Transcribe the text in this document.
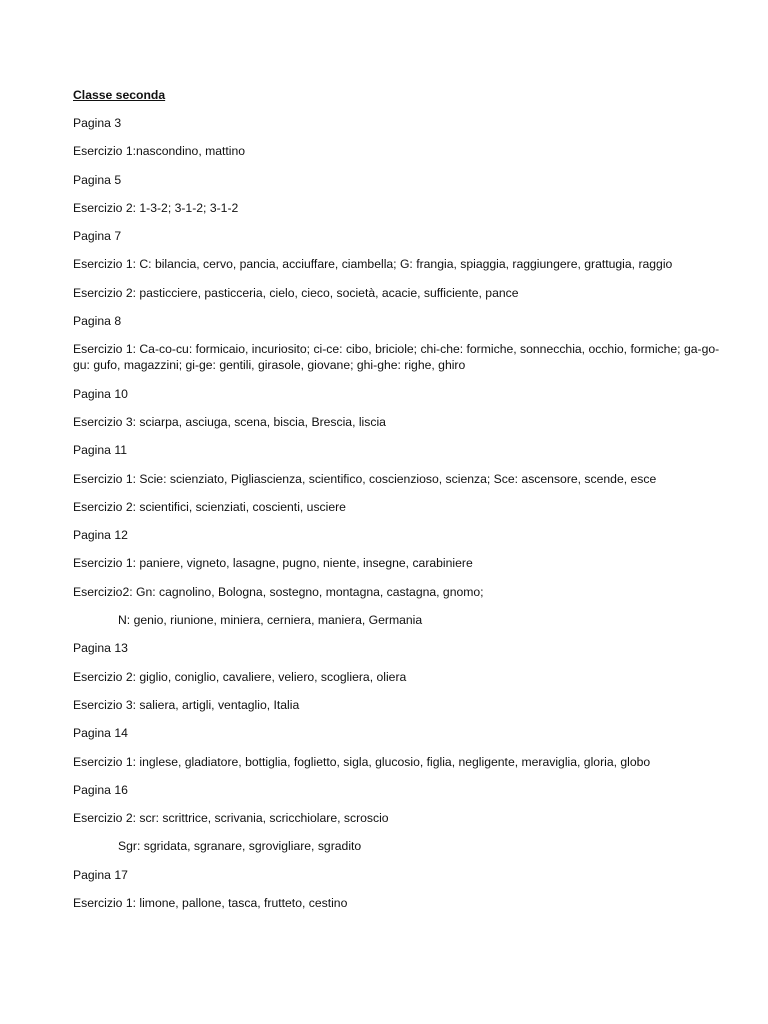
Classe seconda
Pagina 3
Esercizio 1:nascondino, mattino
Pagina 5
Esercizio 2: 1-3-2; 3-1-2; 3-1-2
Pagina 7
Esercizio 1: C: bilancia, cervo, pancia, acciuffare, ciambella; G: frangia, spiaggia, raggiungere, grattugia, raggio
Esercizio 2: pasticciere, pasticceria, cielo, cieco, società, acacie, sufficiente, pance
Pagina 8
Esercizio 1: Ca-co-cu: formicaio, incuriosito; ci-ce: cibo, briciole; chi-che: formiche, sonnecchia, occhio, formiche; ga-go-gu: gufo, magazzini; gi-ge: gentili, girasole, giovane; ghi-ghe: righe, ghiro
Pagina 10
Esercizio 3: sciarpa, asciuga, scena, biscia, Brescia, liscia
Pagina 11
Esercizio 1: Scie: scienziato, Pigliascienza, scientifico, coscienzioso, scienza; Sce: ascensore, scende, esce
Esercizio 2: scientifici, scienziati, coscienti, usciere
Pagina 12
Esercizio 1: paniere, vigneto, lasagne, pugno, niente, insegne, carabiniere
Esercizio2: Gn: cagnolino, Bologna, sostegno, montagna, castagna, gnomo;
N: genio, riunione, miniera, cerniera, maniera, Germania
Pagina 13
Esercizio 2: giglio, coniglio, cavaliere, veliero, scogliera, oliera
Esercizio 3: saliera, artigli, ventaglio, Italia
Pagina 14
Esercizio 1: inglese, gladiatore, bottiglia, foglietto, sigla, glucosio, figlia, negligente, meraviglia, gloria, globo
Pagina 16
Esercizio 2: scr: scrittrice, scrivania, scricchiolare, scroscio
Sgr: sgridata, sgranare, sgrovigliare, sgradito
Pagina 17
Esercizio 1: limone, pallone, tasca, frutteto, cestino
